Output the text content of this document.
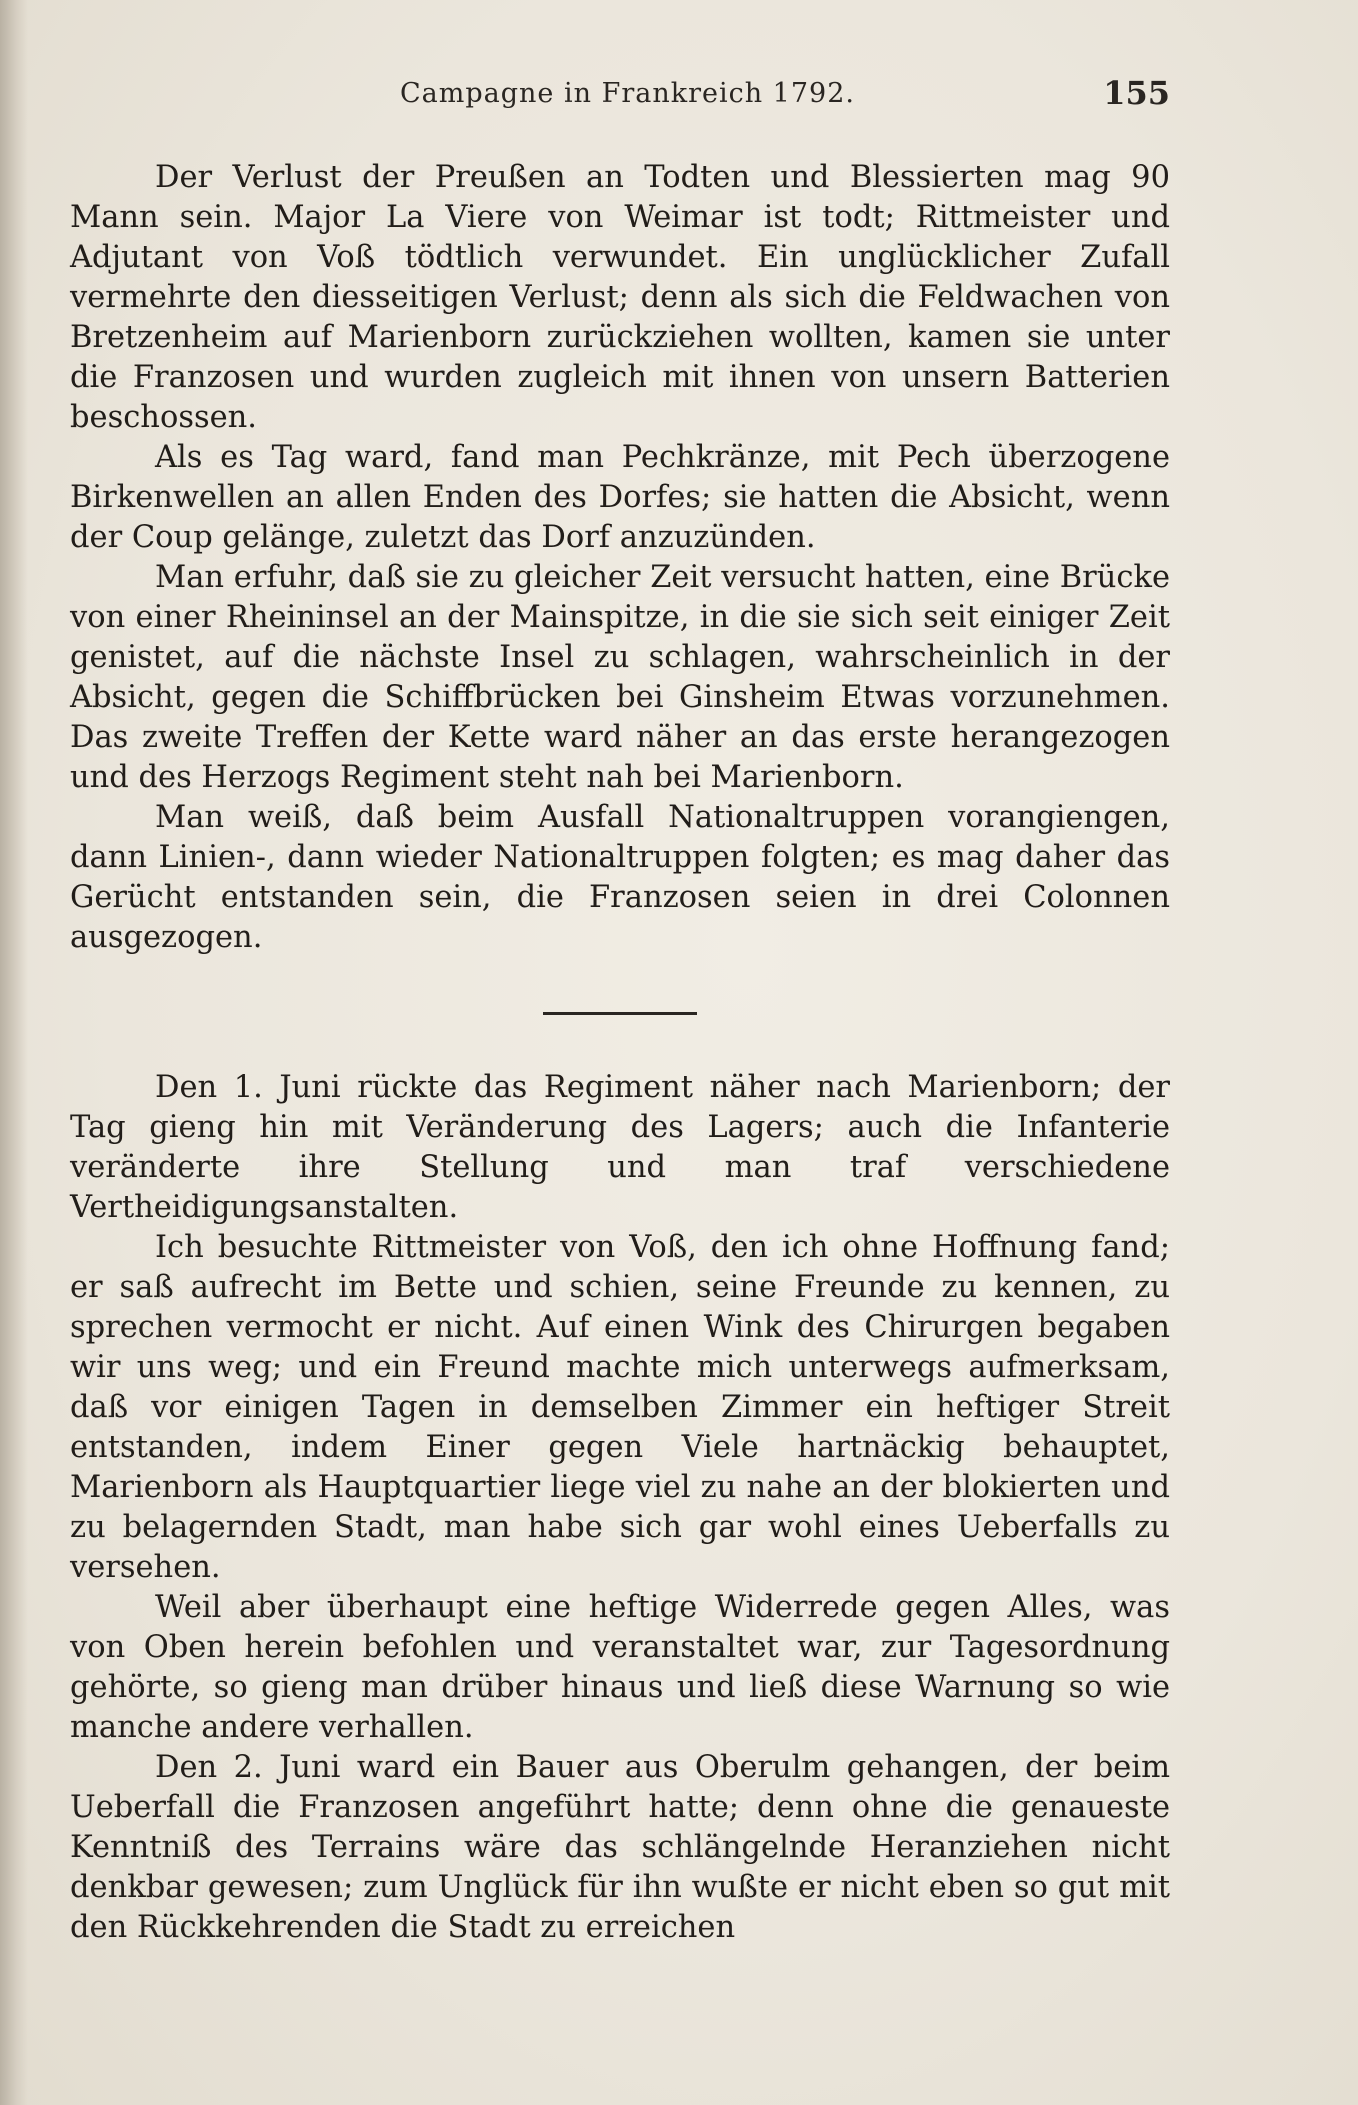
Campagne in Frankreich 1792.	155

Der Verlust der Preußen an Todten und Blessierten mag 90 Mann sein. Major La Viere von Weimar ist todt; Rittmeister und Adjutant von Voß tödtlich verwundet. Ein unglücklicher Zufall vermehrte den diesseitigen Verlust; denn als sich die Feldwachen von Bretzenheim auf Marienborn zurückziehen wollten, kamen sie unter die Franzosen und wurden zugleich mit ihnen von unsern Batterien beschossen.

Als es Tag ward, fand man Pechkränze, mit Pech überzogene Birkenwellen an allen Enden des Dorfes; sie hatten die Absicht, wenn der Coup gelänge, zuletzt das Dorf anzuzünden.

Man erfuhr, daß sie zu gleicher Zeit versucht hatten, eine Brücke von einer Rheininsel an der Mainspitze, in die sie sich seit einiger Zeit genistet, auf die nächste Insel zu schlagen, wahrscheinlich in der Absicht, gegen die Schiffbrücken bei Ginsheim Etwas vorzunehmen. Das zweite Treffen der Kette ward näher an das erste herangezogen und des Herzogs Regiment steht nah bei Marienborn.

Man weiß, daß beim Ausfall Nationaltruppen vorangiengen, dann Linien-, dann wieder Nationaltruppen folgten; es mag daher das Gerücht entstanden sein, die Franzosen seien in drei Colonnen ausgezogen.

Den 1. Juni rückte das Regiment näher nach Marienborn; der Tag gieng hin mit Veränderung des Lagers; auch die Infanterie veränderte ihre Stellung und man traf verschiedene Vertheidigungsanstalten.

Ich besuchte Rittmeister von Voß, den ich ohne Hoffnung fand; er saß aufrecht im Bette und schien, seine Freunde zu kennen, zu sprechen vermocht er nicht. Auf einen Wink des Chirurgen begaben wir uns weg; und ein Freund machte mich unterwegs aufmerksam, daß vor einigen Tagen in demselben Zimmer ein heftiger Streit entstanden, indem Einer gegen Viele hartnäckig behauptet, Marienborn als Hauptquartier liege viel zu nahe an der blokierten und zu belagernden Stadt, man habe sich gar wohl eines Ueberfalls zu versehen.

Weil aber überhaupt eine heftige Widerrede gegen Alles, was von Oben herein befohlen und veranstaltet war, zur Tagesordnung gehörte, so gieng man drüber hinaus und ließ diese Warnung so wie manche andere verhallen.

Den 2. Juni ward ein Bauer aus Oberulm gehangen, der beim Ueberfall die Franzosen angeführt hatte; denn ohne die genaueste Kenntniß des Terrains wäre das schlängelnde Heranziehen nicht denkbar gewesen; zum Unglück für ihn wußte er nicht eben so gut mit den Rückkehrenden die Stadt zu erreichen
